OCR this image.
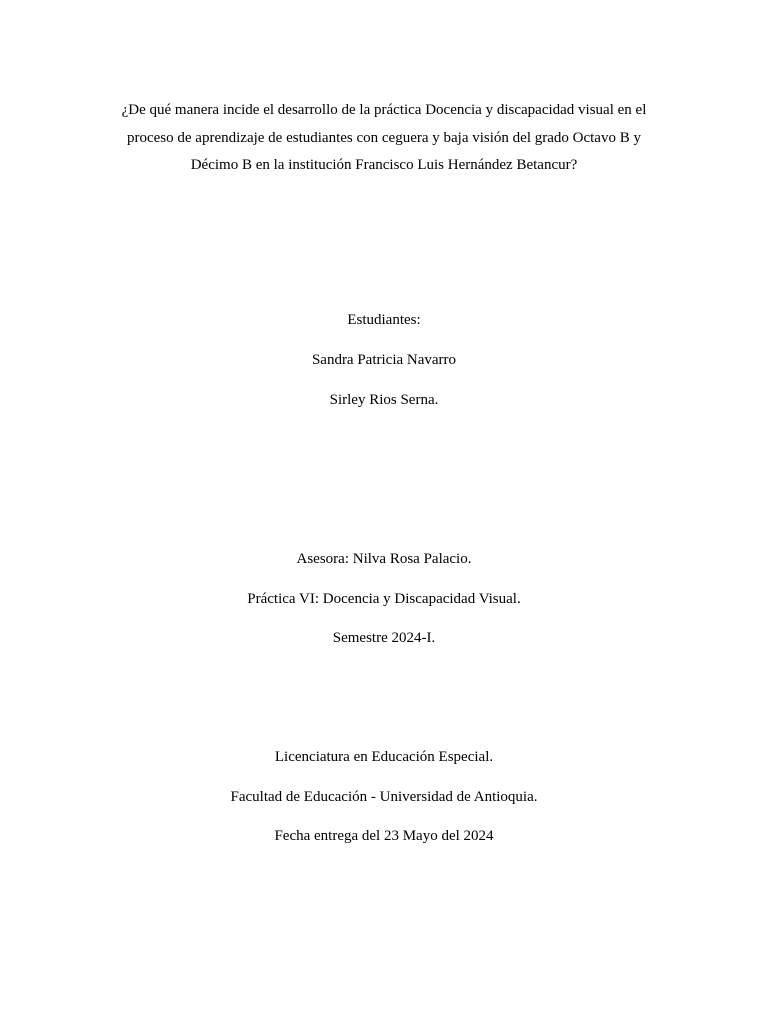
¿De qué manera incide el desarrollo de la práctica Docencia y discapacidad visual en el
proceso de aprendizaje de estudiantes con ceguera y baja visión del grado Octavo B y
Décimo B en la institución Francisco Luis Hernández Betancur?
Estudiantes:
Sandra Patricia Navarro
Sirley Rios Serna.
Asesora: Nilva Rosa Palacio.
Práctica VI: Docencia y Discapacidad Visual.
Semestre 2024-I.
Licenciatura en Educación Especial.
Facultad de Educación - Universidad de Antioquia.
Fecha entrega del 23 Mayo del 2024
